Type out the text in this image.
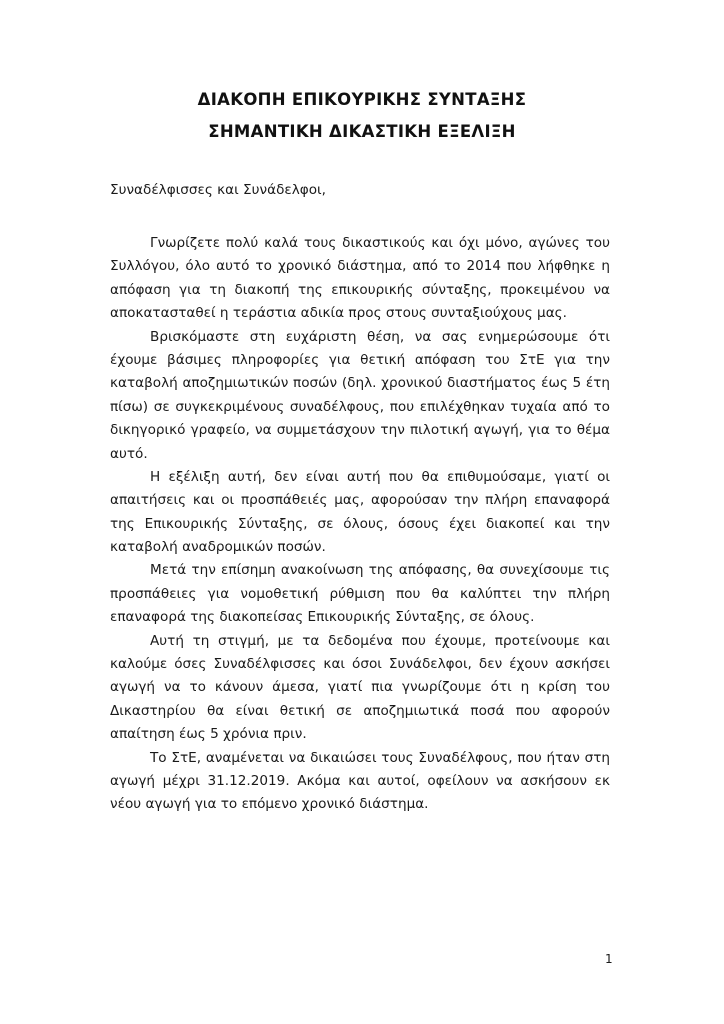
ΔΙΑΚΟΠΗ ΕΠΙΚΟΥΡΙΚΗΣ ΣΥΝΤΑΞΗΣ
ΣΗΜΑΝΤΙΚΗ ΔΙΚΑΣΤΙΚΗ ΕΞΕΛΙΞΗ
Συναδέλφισσες και Συνάδελφοι,
Γνωρίζετε πολύ καλά τους δικαστικούς και όχι μόνο, αγώνες του
Συλλόγου, όλο αυτό το χρονικό διάστημα, από το 2014 που λήφθηκε η
απόφαση για τη διακοπή της επικουρικής σύνταξης, προκειμένου να
αποκατασταθεί η τεράστια αδικία προς στους συνταξιούχους μας.
Βρισκόμαστε στη ευχάριστη θέση, να σας ενημερώσουμε ότι
έχουμε βάσιμες πληροφορίες για θετική απόφαση του ΣτΕ για την
καταβολή αποζημιωτικών ποσών (δηλ. χρονικού διαστήματος έως 5 έτη
πίσω) σε συγκεκριμένους συναδέλφους, που επιλέχθηκαν τυχαία από το
δικηγορικό γραφείο, να συμμετάσχουν την πιλοτική αγωγή, για το θέμα
αυτό.
Η εξέλιξη αυτή, δεν είναι αυτή που θα επιθυμούσαμε, γιατί οι
απαιτήσεις και οι προσπάθειές μας, αφορούσαν την πλήρη επαναφορά
της Επικουρικής Σύνταξης, σε όλους, όσους έχει διακοπεί και την
καταβολή αναδρομικών ποσών.
Μετά την επίσημη ανακοίνωση της απόφασης, θα συνεχίσουμε τις
προσπάθειες για νομοθετική ρύθμιση που θα καλύπτει την πλήρη
επαναφορά της διακοπείσας Επικουρικής Σύνταξης, σε όλους.
Αυτή τη στιγμή, με τα δεδομένα που έχουμε, προτείνουμε και
καλούμε όσες Συναδέλφισσες και όσοι Συνάδελφοι, δεν έχουν ασκήσει
αγωγή να το κάνουν άμεσα, γιατί πια γνωρίζουμε ότι η κρίση του
Δικαστηρίου θα είναι θετική σε αποζημιωτικά ποσά που αφορούν
απαίτηση έως 5 χρόνια πριν.
Το ΣτΕ, αναμένεται να δικαιώσει τους Συναδέλφους, που ήταν στη
αγωγή μέχρι 31.12.2019. Ακόμα και αυτοί, οφείλουν να ασκήσουν εκ
νέου αγωγή για το επόμενο χρονικό διάστημα.
1
